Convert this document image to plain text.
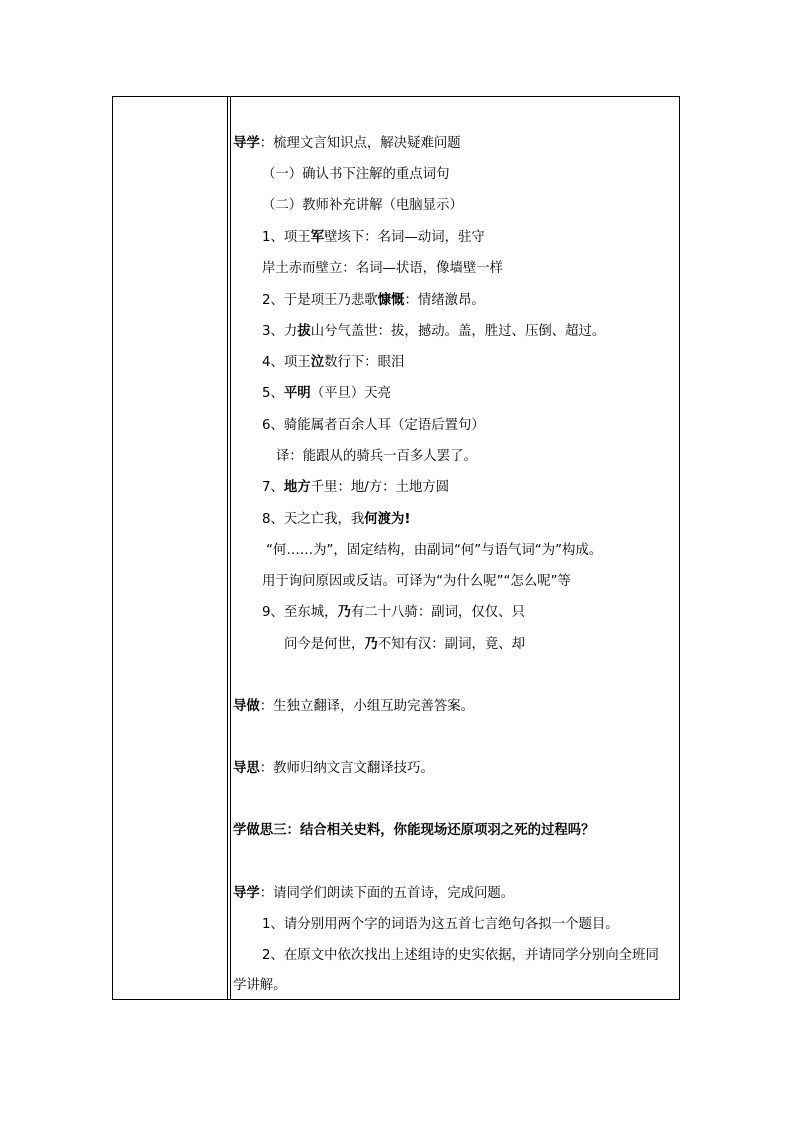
导学：梳理文言知识点，解决疑难问题
（一）确认书下注解的重点词句
（二）教师补充讲解（电脑显示）
1、项王军壁垓下：名词—动词，驻守
岸土赤而壁立：名词—状语，像墙壁一样
2、于是项王乃悲歌慷慨：情绪激昂。
3、力拔山兮气盖世：拔，撼动。盖，胜过、压倒、超过。
4、项王泣数行下：眼泪
5、平明（平旦）天亮
6、骑能属者百余人耳（定语后置句）
译：能跟从的骑兵一百多人罢了。
7、地方千里：地/方：土地方圆
8、天之亡我，我何渡为!
“何……为”，固定结构，由副词“何”与语气词“为”构成。
用于询问原因或反诘。可译为“为什么呢”“怎么呢”等
9、至东城，乃有二十八骑：副词，仅仅、只
问今是何世，乃不知有汉：副词，竟、却
导做：生独立翻译，小组互助完善答案。
导思：教师归纳文言文翻译技巧。
学做思三：结合相关史料，你能现场还原项羽之死的过程吗？
导学：请同学们朗读下面的五首诗，完成问题。
1、请分别用两个字的词语为这五首七言绝句各拟一个题目。
2、在原文中依次找出上述组诗的史实依据，并请同学分别向全班同
学讲解。
